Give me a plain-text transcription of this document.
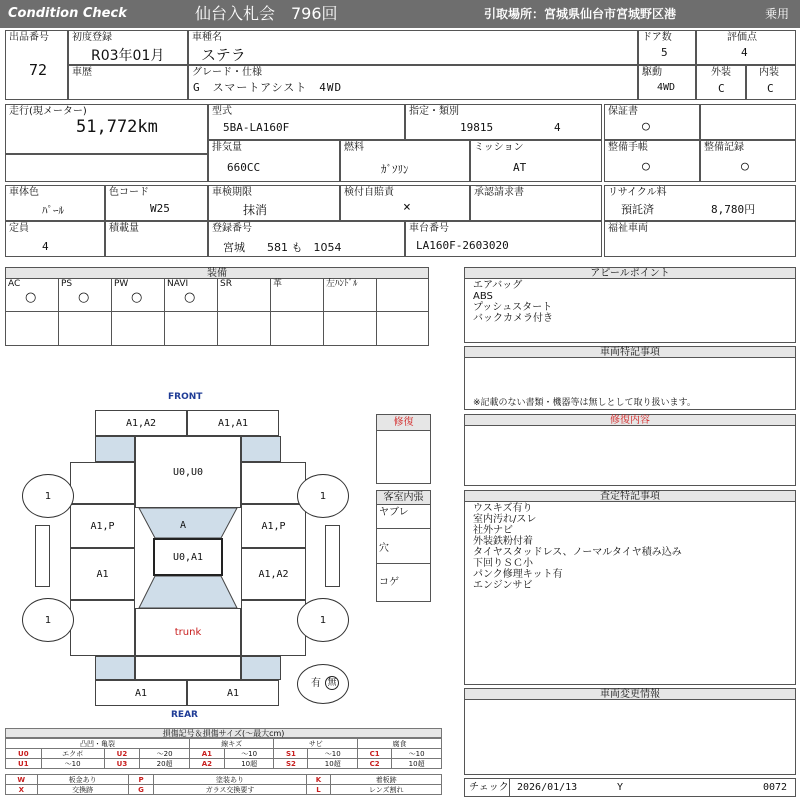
Condition Check	仙台入札会　796回	引取場所：宮城県仙台市宮城野区港	乗用
出品番号
72
初度登録
R03年01月
車種名
ステラ
ドア数
5
評価点
4
車歴	グレード・仕様
G　スマートアシスト　4WD
駆動
4WD
外装
C
内装
C
走行(現メーター)
51,772km
型式
5BA-LA160F
指定・類別
19815	4
保証書
○
排気量
660CC
燃料
ｶﾞｿﾘﾝ
ミッション
AT
整備手帳
○
整備記録
○
車体色
ﾊﾟｰﾙ
色コード
W25
車検期限
抹消
検付自賠責
×
承認請求書	リサイクル料
預託済	8,780円
定員
4
積載量	登録番号
宮城　　581 も　1054
車台番号
LA160F-2603020
福祉車両
装備
AC
○
PS
○
PW
○
NAVI
○
SR	革	左ﾊﾝﾄﾞﾙ
アピールポイント
エアバッグ
ABS
プッシュスタート
バックカメラ付き
車両特記事項
※記載のない書類・機器等は無しとして取り扱います。
修復内容
査定特記事項
ウスキズ有り
室内汚れ/スレ
社外ナビ
外装鉄粉付着
タイヤスタッドレス、ノーマルタイヤ積み込み
下回りＳＣ小
パンク修理キット有
エンジンサビ
車両変更情報
チェック 2026/01/13	Y	0072
修復
客室内張
ヤブレ
穴
コゲ
FRONT
REAR
A1,A2	A1,A1
U0,U0
A1,P	A1,P
A1	A1,A2
A
U0,A1
trunk
A1	A1
1	1
1	1
有 無
損傷記号＆損傷サイズ(～最大cm)
凸凹・亀裂				線キズ		サビ		腐食	
U0	エクボ	U2	～20	A1	～10	S1	～10	C1	～10
U1	～10	U3	20超	A2	10超	S2	10超	C2	10超
W	板金あり	P	塗装あり	K	着板跡
X	交換跡	G	ガラス交換要す	L	レンズ割れ
